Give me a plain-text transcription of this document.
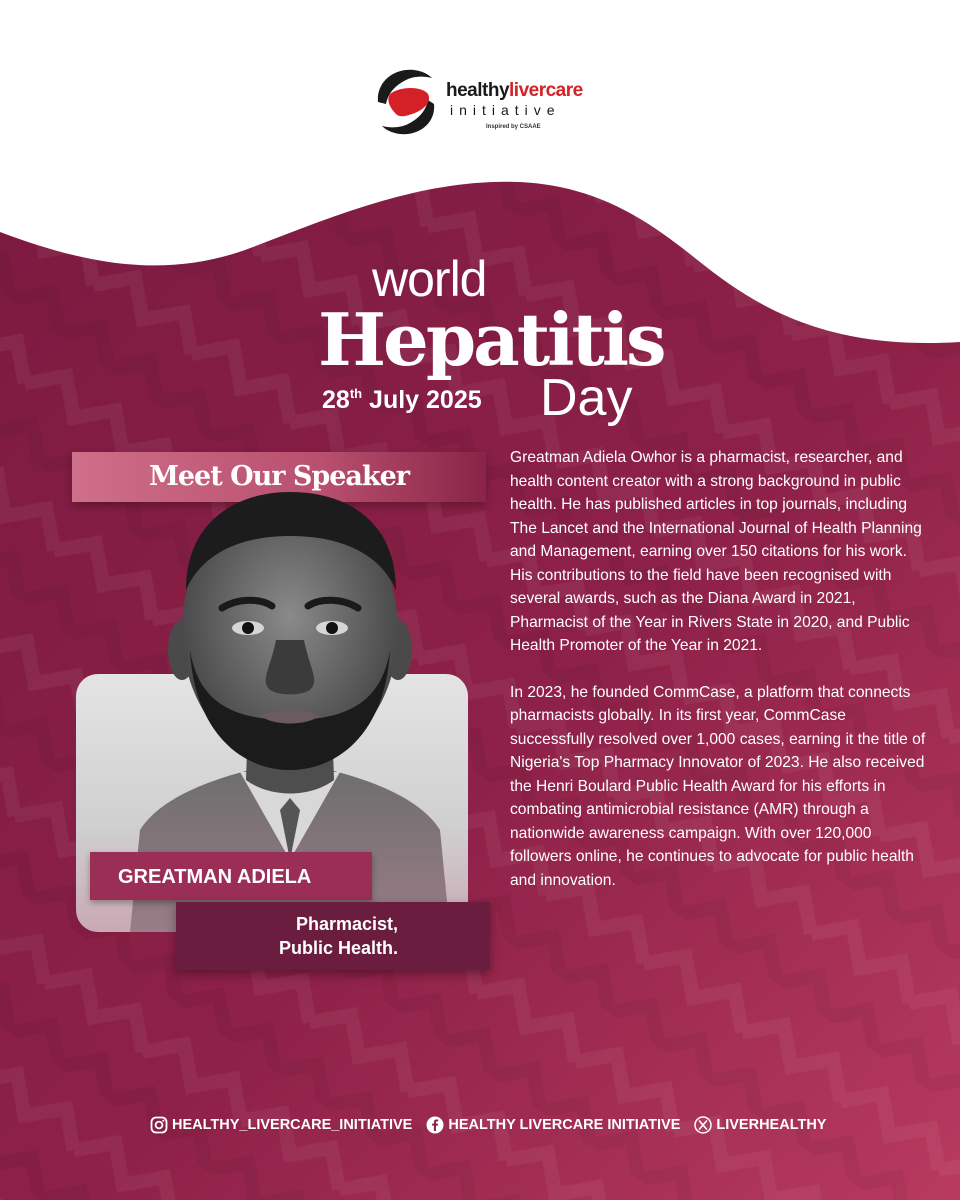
healthylivercare
initiative
Inspired by CSAAE
world
Hepatitis
Day
28th July 2025
Meet Our Speaker
GREATMAN ADIELA
Pharmacist,
Public Health.

Greatman Adiela Owhor is a pharmacist, researcher, and health content creator with a strong background in public health. He has published articles in top journals, including The Lancet and the International Journal of Health Planning and Management, earning over 150 citations for his work. His contributions to the field have been recognised with several awards, such as the Diana Award in 2021, Pharmacist of the Year in Rivers State in 2020, and Public Health Promoter of the Year in 2021.

In 2023, he founded CommCase, a platform that connects pharmacists globally. In its first year, CommCase successfully resolved over 1,000 cases, earning it the title of Nigeria's Top Pharmacy Innovator of 2023. He also received the Henri Boulard Public Health Award for his efforts in combating antimicrobial resistance (AMR) through a nationwide awareness campaign. With over 120,000 followers online, he continues to advocate for public health and innovation.

HEALTHY_LIVERCARE_INITIATIVE HEALTHY LIVERCARE INITIATIVE LIVERHEALTHY
